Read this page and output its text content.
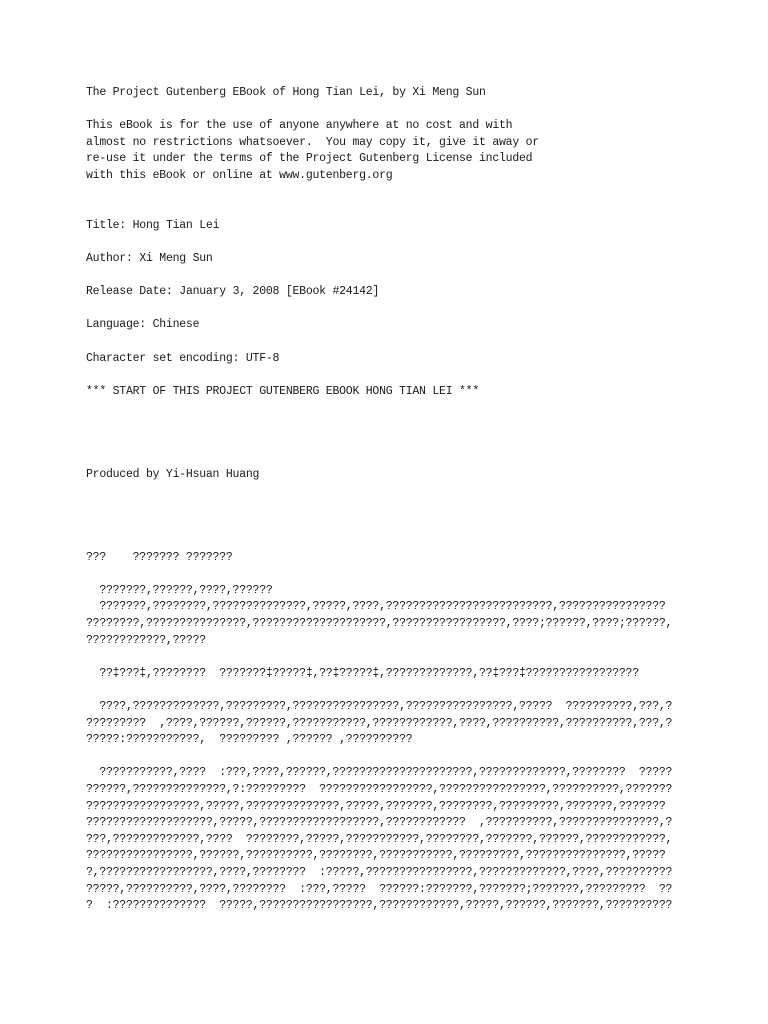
The Project Gutenberg EBook of Hong Tian Lei, by Xi Meng Sun
This eBook is for the use of anyone anywhere at no cost and with
almost no restrictions whatsoever.  You may copy it, give it away or
re-use it under the terms of the Project Gutenberg License included
with this eBook or online at www.gutenberg.org
Title: Hong Tian Lei
Author: Xi Meng Sun
Release Date: January 3, 2008 [EBook #24142]
Language: Chinese
Character set encoding: UTF-8
*** START OF THIS PROJECT GUTENBERG EBOOK HONG TIAN LEI ***
Produced by Yi-Hsuan Huang
???    ??????? ???????
???????,??????,????,??????
???????,????????,??????????????,?????,????,?????????????????????????,????????????????
????????,???????????????,????????????????????,?????????????????,????;??????,????;??????,
????????????,?????
??‡???‡,????????  ???????‡?????‡,??‡?????‡,?????????????,??‡???‡?????????????????
????,?????????????,?????????,????????????????,????????????????,?????  ??????????,???,?
?????????  ,????,??????,??????,???????????,????????????,????,??????????,??????????,???,?
?????:???????????,  ????????? ,?????? ,??????????
???????????,????  :???,????,??????,?????????????????????,?????????????,????????  ?????
??????,??????????????,?:?????????  ?????????????????,????????????????,??????????,???????
?????????????????,?????,??????????????,?????,???????,????????,?????????,???????,???????
???????????????????,?????,??????????????????,????????????  ,??????????,???????????????,?
???,?????????????,????  ????????,?????,???????????,????????,???????,??????,????????????,
????????????????,??????,??????????,????????,???????????,?????????,???????????????,?????
?,?????????????????,????,????????  :?????,????????????????,?????????????,????,??????????
?????,??????????,????,????????  :???,?????  ??????:???????,???????;???????,?????????  ??
?  :??????????????  ?????,?????????????????,????????????,?????,??????,???????,??????????
